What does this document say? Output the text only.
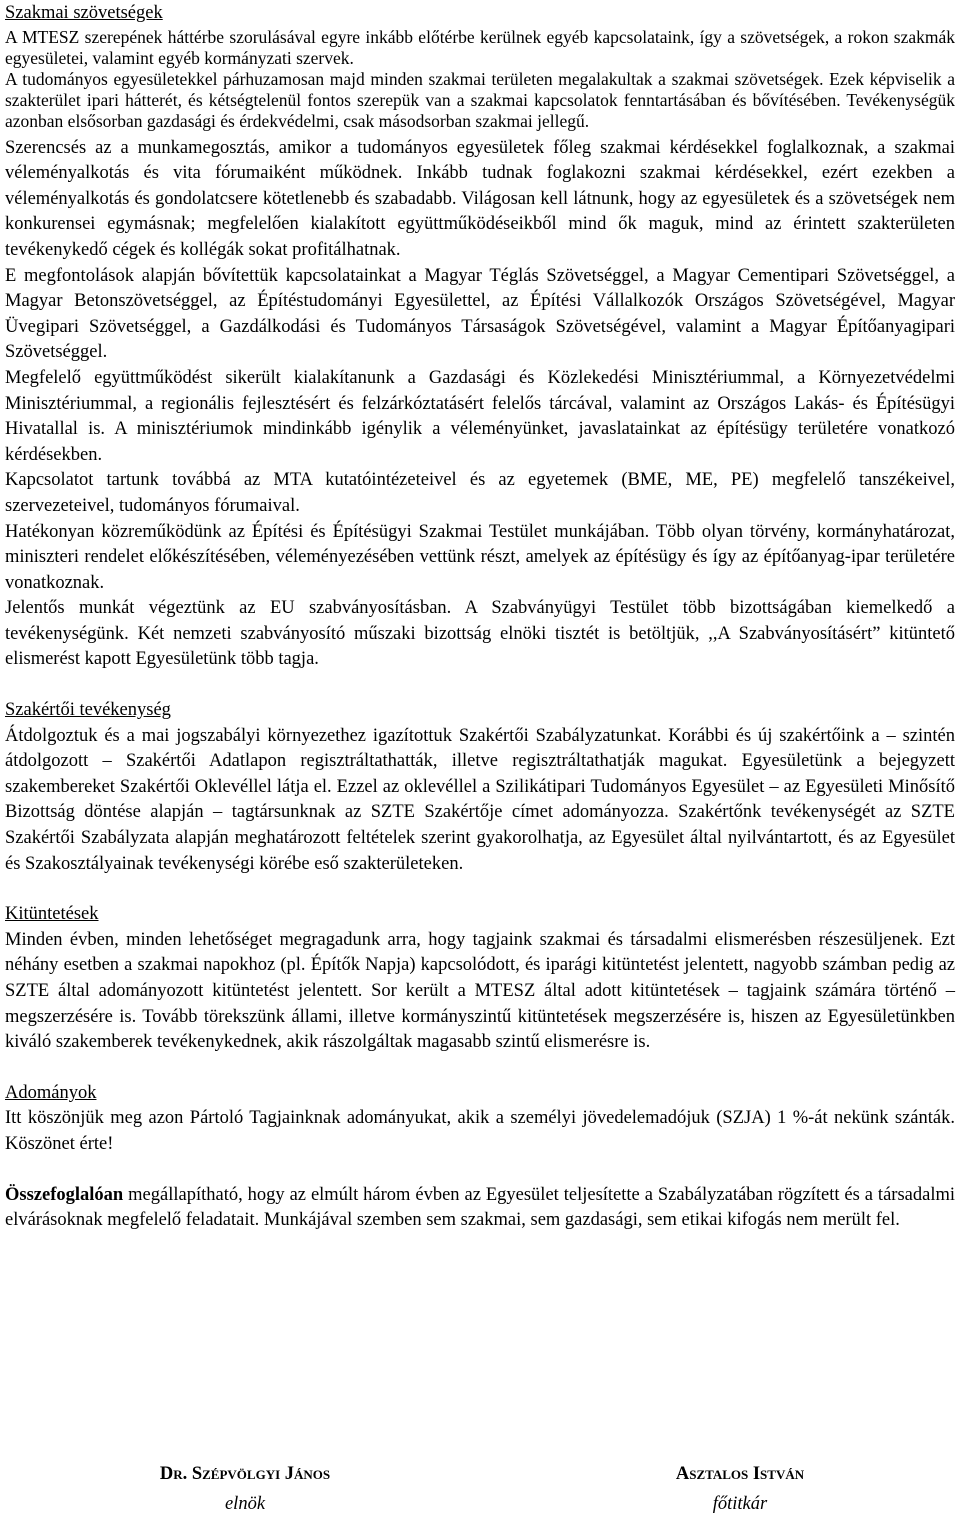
Szakmai szövetségek

A MTESZ szerepének háttérbe szorulásával egyre inkább előtérbe kerülnek egyéb kapcsolataink, így a szövetségek, a rokon szakmák egyesületei, valamint egyéb kormányzati szervek.

A tudományos egyesületekkel párhuzamosan majd minden szakmai területen megalakultak a szakmai szövetségek. Ezek képviselik a szakterület ipari hátterét, és kétségtelenül fontos szerepük van a szakmai kapcsolatok fenntartásában és bővítésében. Tevékenységük azonban elsősorban gazdasági és érdekvédelmi, csak másodsorban szakmai jellegű.

Szerencsés az a munkamegosztás, amikor a tudományos egyesületek főleg szakmai kérdésekkel foglalkoznak, a szakmai véleményalkotás és vita fórumaiként működnek. Inkább tudnak foglakozni szakmai kérdésekkel, ezért ezekben a véleményalkotás és gondolatcsere kötetlenebb és szabadabb. Világosan kell látnunk, hogy az egyesületek és a szövetségek nem konkurensei egymásnak; megfelelően kialakított együttműködéseikből mind ők maguk, mind az érintett szakterületen tevékenykedő cégek és kollégák sokat profitálhatnak.

E megfontolások alapján bővítettük kapcsolatainkat a Magyar Téglás Szövetséggel, a Magyar Cementipari Szövetséggel, a Magyar Betonszövetséggel, az Építéstudományi Egyesülettel, az Építési Vállalkozók Országos Szövetségével, Magyar Üvegipari Szövetséggel, a Gazdálkodási és Tudományos Társaságok Szövetségével, valamint a Magyar Építőanyagipari Szövetséggel.

Megfelelő együttműködést sikerült kialakítanunk a Gazdasági és Közlekedési Minisztériummal, a Környezetvédelmi Minisztériummal, a regionális fejlesztésért és felzárkóztatásért felelős tárcával, valamint az Országos Lakás- és Építésügyi Hivatallal is. A minisztériumok mindinkább igénylik a véleményünket, javaslatainkat az építésügy területére vonatkozó kérdésekben.

Kapcsolatot tartunk továbbá az MTA kutatóintézeteivel és az egyetemek (BME, ME, PE) megfelelő tanszékeivel, szervezeteivel, tudományos fórumaival.

Hatékonyan közreműködünk az Építési és Építésügyi Szakmai Testület munkájában. Több olyan törvény, kormányhatározat, miniszteri rendelet előkészítésében, véleményezésében vettünk részt, amelyek az építésügy és így az építőanyag-ipar területére vonatkoznak.

Jelentős munkát végeztünk az EU szabványosításban. A Szabványügyi Testület több bizottságában kiemelkedő a tevékenységünk. Két nemzeti szabványosító műszaki bizottság elnöki tisztét is betöltjük, ,,A Szabványosításért” kitüntető elismerést kapott Egyesületünk több tagja.

Szakértői tevékenység

Átdolgoztuk és a mai jogszabályi környezethez igazítottuk Szakértői Szabályzatunkat. Korábbi és új szakértőink a – szintén átdolgozott – Szakértői Adatlapon regisztráltathatták, illetve regisztráltathatják magukat. Egyesületünk a bejegyzett szakembereket Szakértői Oklevéllel látja el. Ezzel az oklevéllel a Szilikátipari Tudományos Egyesület – az Egyesületi Minősítő Bizottság döntése alapján – tagtársunknak az SZTE Szakértője címet adományozza. Szakértőnk tevékenységét az SZTE Szakértői Szabályzata alapján meghatározott feltételek szerint gyakorolhatja, az Egyesület által nyilvántartott, és az Egyesület és Szakosztályainak tevékenységi körébe eső szakterületeken.

Kitüntetések

Minden évben, minden lehetőséget megragadunk arra, hogy tagjaink szakmai és társadalmi elismerésben részesüljenek. Ezt néhány esetben a szakmai napokhoz (pl. Építők Napja) kapcsolódott, és iparági kitüntetést jelentett, nagyobb számban pedig az SZTE által adományozott kitüntetést jelentett. Sor került a MTESZ által adott kitüntetések – tagjaink számára történő – megszerzésére is. Tovább törekszünk állami, illetve kormányszintű kitüntetések megszerzésére is, hiszen az Egyesületünkben kiváló szakemberek tevékenykednek, akik rászolgáltak magasabb szintű elismerésre is.

Adományok

Itt köszönjük meg azon Pártoló Tagjainknak adományukat, akik a személyi jövedelemadójuk (SZJA) 1 %-át nekünk szánták. Köszönet érte!

Összefoglalóan megállapítható, hogy az elmúlt három évben az Egyesület teljesítette a Szabályzatában rögzített és a társadalmi elvárásoknak megfelelő feladatait. Munkájával szemben sem szakmai, sem gazdasági, sem etikai kifogás nem merült fel.

Dr. Szépvölgyi János
elnök
Asztalos István
főtitkár
